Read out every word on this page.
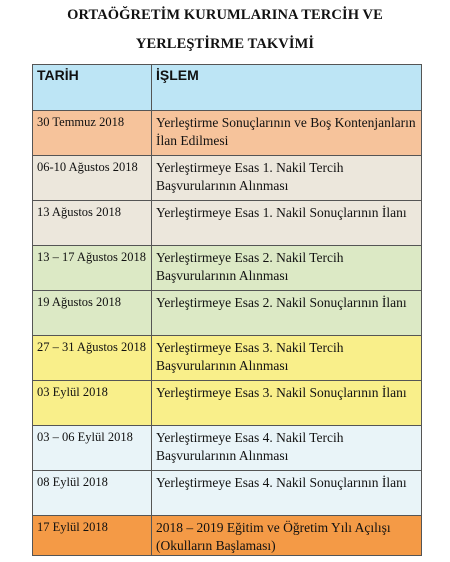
ORTAÖĞRETİM KURUMLARINA TERCİH VE
YERLEŞTİRME TAKVİMİ
TARİH	İŞLEM
30 Temmuz 2018	Yerleştirme Sonuçlarının ve Boş Kontenjanların İlan Edilmesi
06-10 Ağustos 2018	Yerleştirmeye Esas 1. Nakil Tercih Başvurularının Alınması
13 Ağustos 2018	Yerleştirmeye Esas 1. Nakil Sonuçlarının İlanı
13 – 17 Ağustos 2018	Yerleştirmeye Esas 2. Nakil Tercih Başvurularının Alınması
19 Ağustos 2018	Yerleştirmeye Esas 2. Nakil Sonuçlarının İlanı
27 – 31 Ağustos 2018	Yerleştirmeye Esas 3. Nakil Tercih Başvurularının Alınması
03 Eylül 2018	Yerleştirmeye Esas 3. Nakil Sonuçlarının İlanı
03 – 06 Eylül 2018	Yerleştirmeye Esas 4. Nakil Tercih Başvurularının Alınması
08 Eylül 2018	Yerleştirmeye Esas 4. Nakil Sonuçlarının İlanı
17 Eylül 2018	2018 – 2019 Eğitim ve Öğretim Yılı Açılışı (Okulların Başlaması)
